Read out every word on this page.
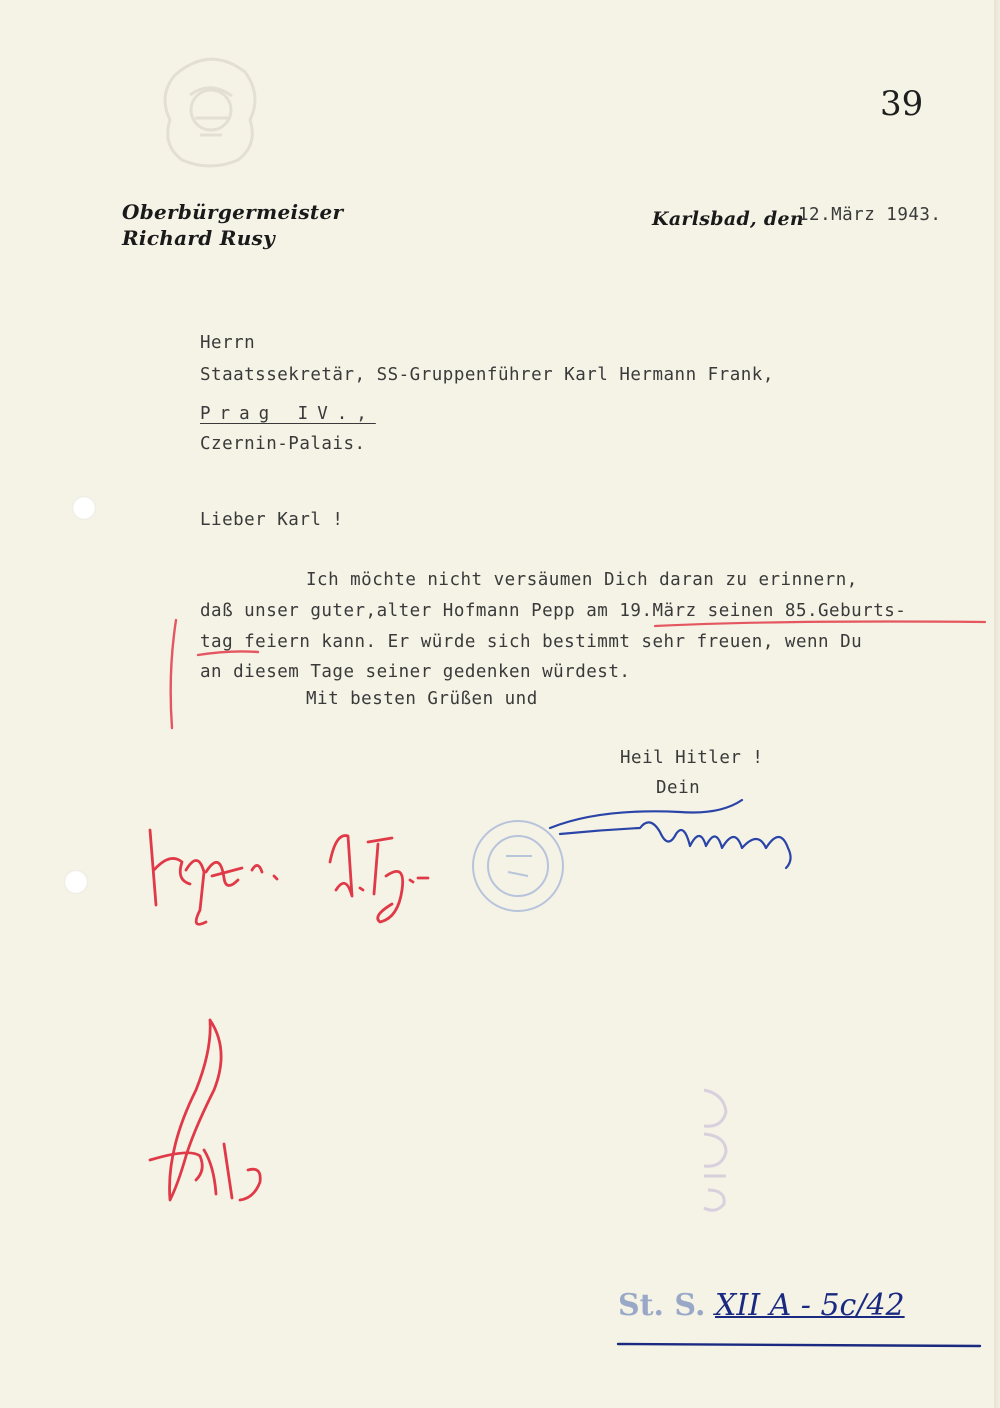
39
Oberbürgermeister
Richard Rusy
Karlsbad, den
12.März 1943.
Herrn
Staatssekretär, SS-Gruppenführer Karl Hermann Frank,
Prag IV.,
Czernin-Palais.
Lieber Karl !
Ich möchte nicht versäumen Dich daran zu erinnern,
daß unser guter,alter Hofmann Pepp am 19.März seinen 85.Geburts-
tag feiern kann. Er würde sich bestimmt sehr freuen, wenn Du
an diesem Tage seiner gedenken würdest.
Mit besten Grüßen und
Heil Hitler !
Dein
St. S. XII A - 5c/42
